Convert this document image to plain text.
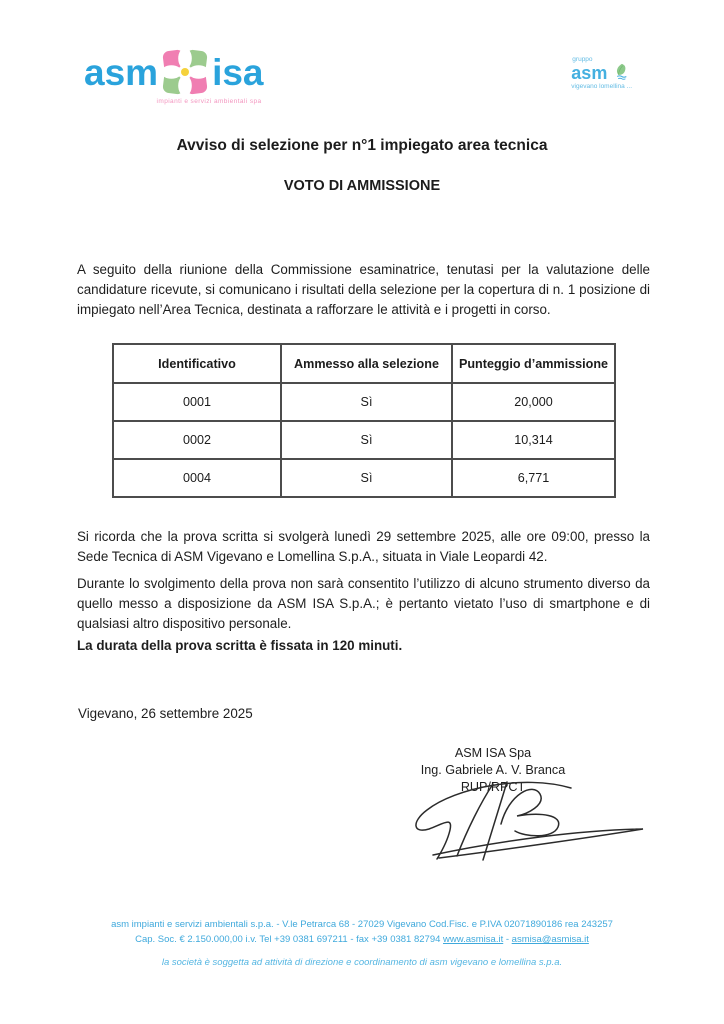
asm isa
impianti e servizi ambientali spa
gruppo
asm
vigevano lomellina ...
Avviso di selezione per n°1 impiegato area tecnica
VOTO DI AMMISSIONE
A seguito della riunione della Commissione esaminatrice, tenutasi per la valutazione delle candidature ricevute, si comunicano i risultati della selezione per la copertura di n. 1 posizione di impiegato nell’Area Tecnica, destinata a rafforzare le attività e i progetti in corso.
Identificativo	Ammesso alla selezione	Punteggio d’ammissione
0001	Sì	20,000
0002	Sì	10,314
0004	Sì	6,771
Si ricorda che la prova scritta si svolgerà lunedì 29 settembre 2025, alle ore 09:00, presso la Sede Tecnica di ASM Vigevano e Lomellina S.p.A., situata in Viale Leopardi 42.
Durante lo svolgimento della prova non sarà consentito l’utilizzo di alcuno strumento diverso da quello messo a disposizione da ASM ISA S.p.A.; è pertanto vietato l’uso di smartphone e di qualsiasi altro dispositivo personale.
La durata della prova scritta è fissata in 120 minuti.
Vigevano, 26 settembre 2025
ASM ISA Spa
Ing. Gabriele A. V. Branca
RUP/RPCT
asm impianti e servizi ambientali s.p.a. - V.le Petrarca 68 - 27029 Vigevano Cod.Fisc. e P.IVA 02071890186 rea 243257
Cap. Soc. € 2.150.000,00 i.v. Tel +39 0381 697211 - fax +39 0381 82794 www.asmisa.it - asmisa@asmisa.it
la società è soggetta ad attività di direzione e coordinamento di asm vigevano e lomellina s.p.a.
